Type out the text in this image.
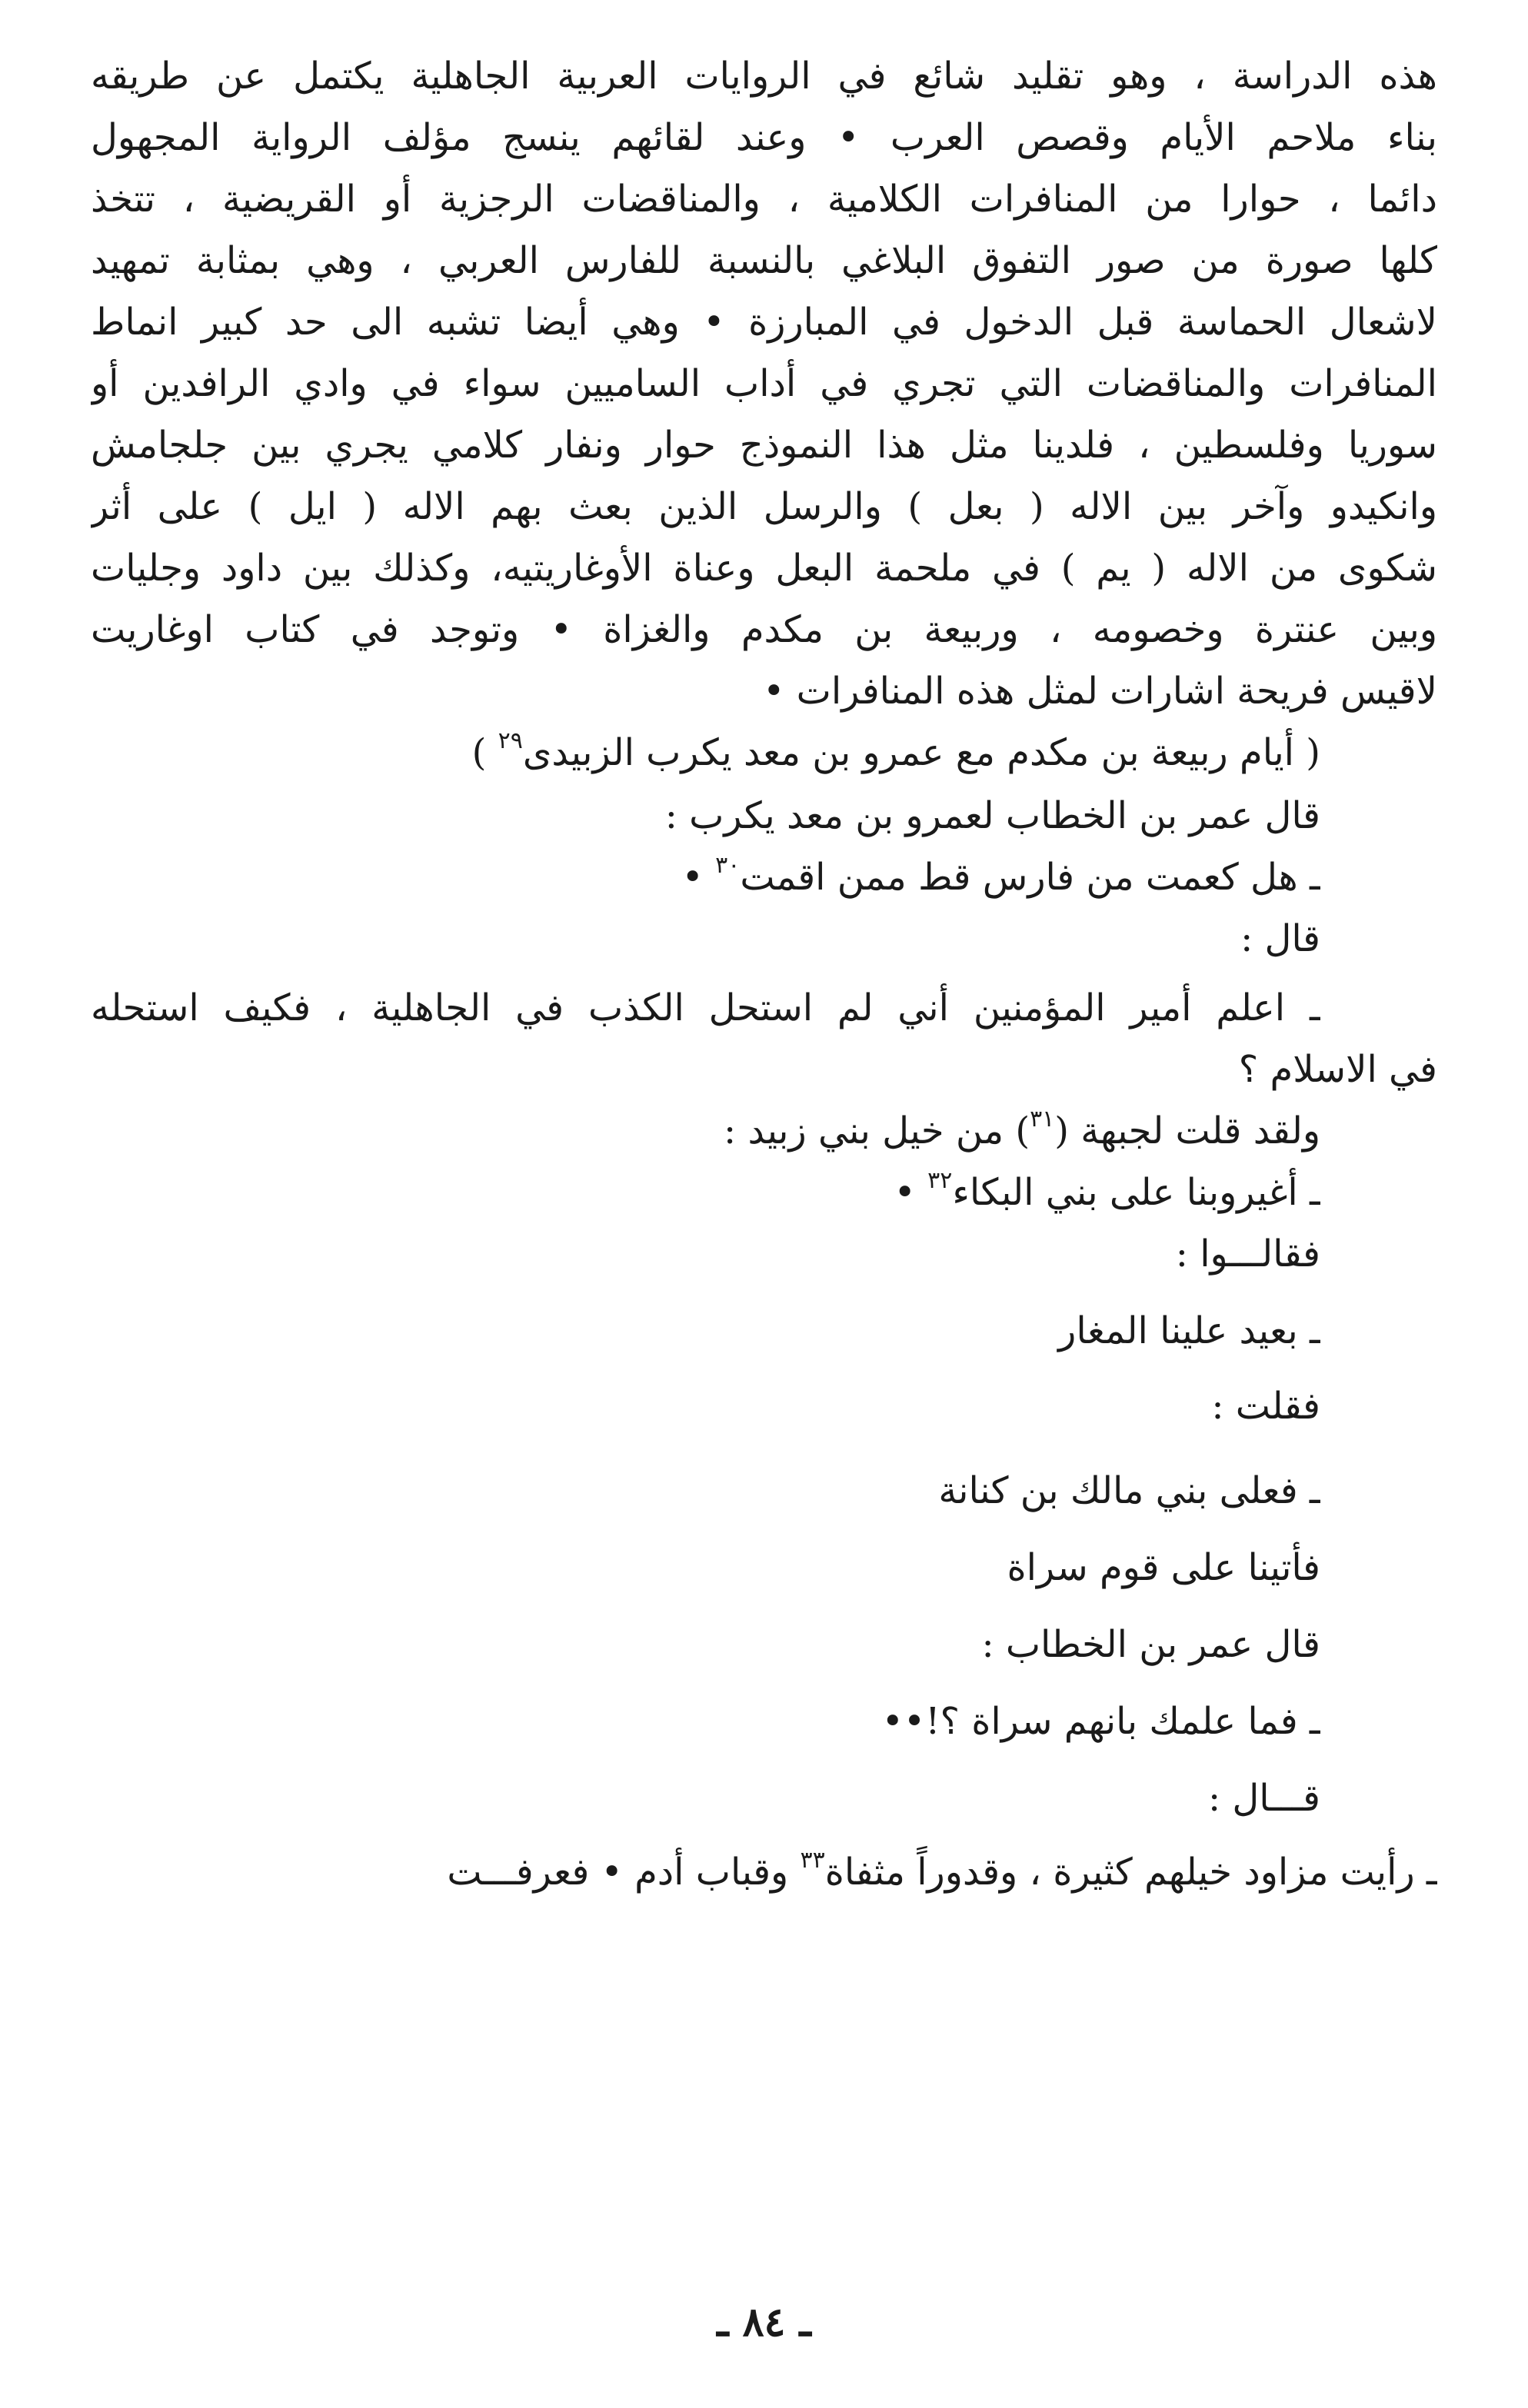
هذه الدراسة ، وهو تقليد شائع في الروايات العربية الجاهلية يكتمل عن طريقه
بناء ملاحم الأيام وقصص العرب • وعند لقائهم ينسج مؤلف الرواية المجهول
دائما ، حوارا من المنافرات الكلامية ، والمناقضات الرجزية أو القريضية ، تتخذ
كلها صورة من صور التفوق البلاغي بالنسبة للفارس العربي ، وهي بمثابة تمهيد
لاشعال الحماسة قبل الدخول في المبارزة • وهي أيضا تشبه الى حد كبير انماط
المنافرات والمناقضات التي تجري في أداب الساميين سواء في وادي الرافدين أو
سوريا وفلسطين ، فلدينا مثل هذا النموذج حوار ونفار كلامي يجري بين جلجامش
وانكيدو وآخر بين الاله ( بعل ) والرسل الذين بعث بهم الاله ( ايل ) على أثر
شكوى من الاله ( يم ) في ملحمة البعل وعناة الأوغاريتيه، وكذلك بين داود وجليات
وبين عنترة وخصومه ، وربيعة بن مكدم والغزاة • وتوجد في كتاب اوغاريت
لاقيس فريحة اشارات لمثل هذه المنافرات •
( أيام ربيعة بن مكدم مع عمرو بن معد يكرب الزبيدى$^{٢٩}$ )
قال عمر بن الخطاب لعمرو بن معد يكرب :
ـ هل كعمت من فارس قط ممن اقمت$^{٣٠}$ •
قال :
ـ اعلم أمير المؤمنين أني لم استحل الكذب في الجاهلية ، فكيف استحله
في الاسلام ؟
ولقد قلت لجبهة ($^{٣١}$) من خيل بني زبيد :
ـ أغيروبنا على بني البكاء$^{٣٢}$ •
فقالـــوا :
ـ بعيد علينا المغار
فقلت :
ـ فعلى بني مالك بن كنانة
فأتينا على قوم سراة
قال عمر بن الخطاب :
ـ فما علمك بانهم سراة ؟!••
قـــال :
ـ رأيت مزاود خيلهم كثيرة ، وقدوراً مثفاة$^{٣٣}$ وقباب أدم • فعرفـــت
ـ ٨٤ ـ
